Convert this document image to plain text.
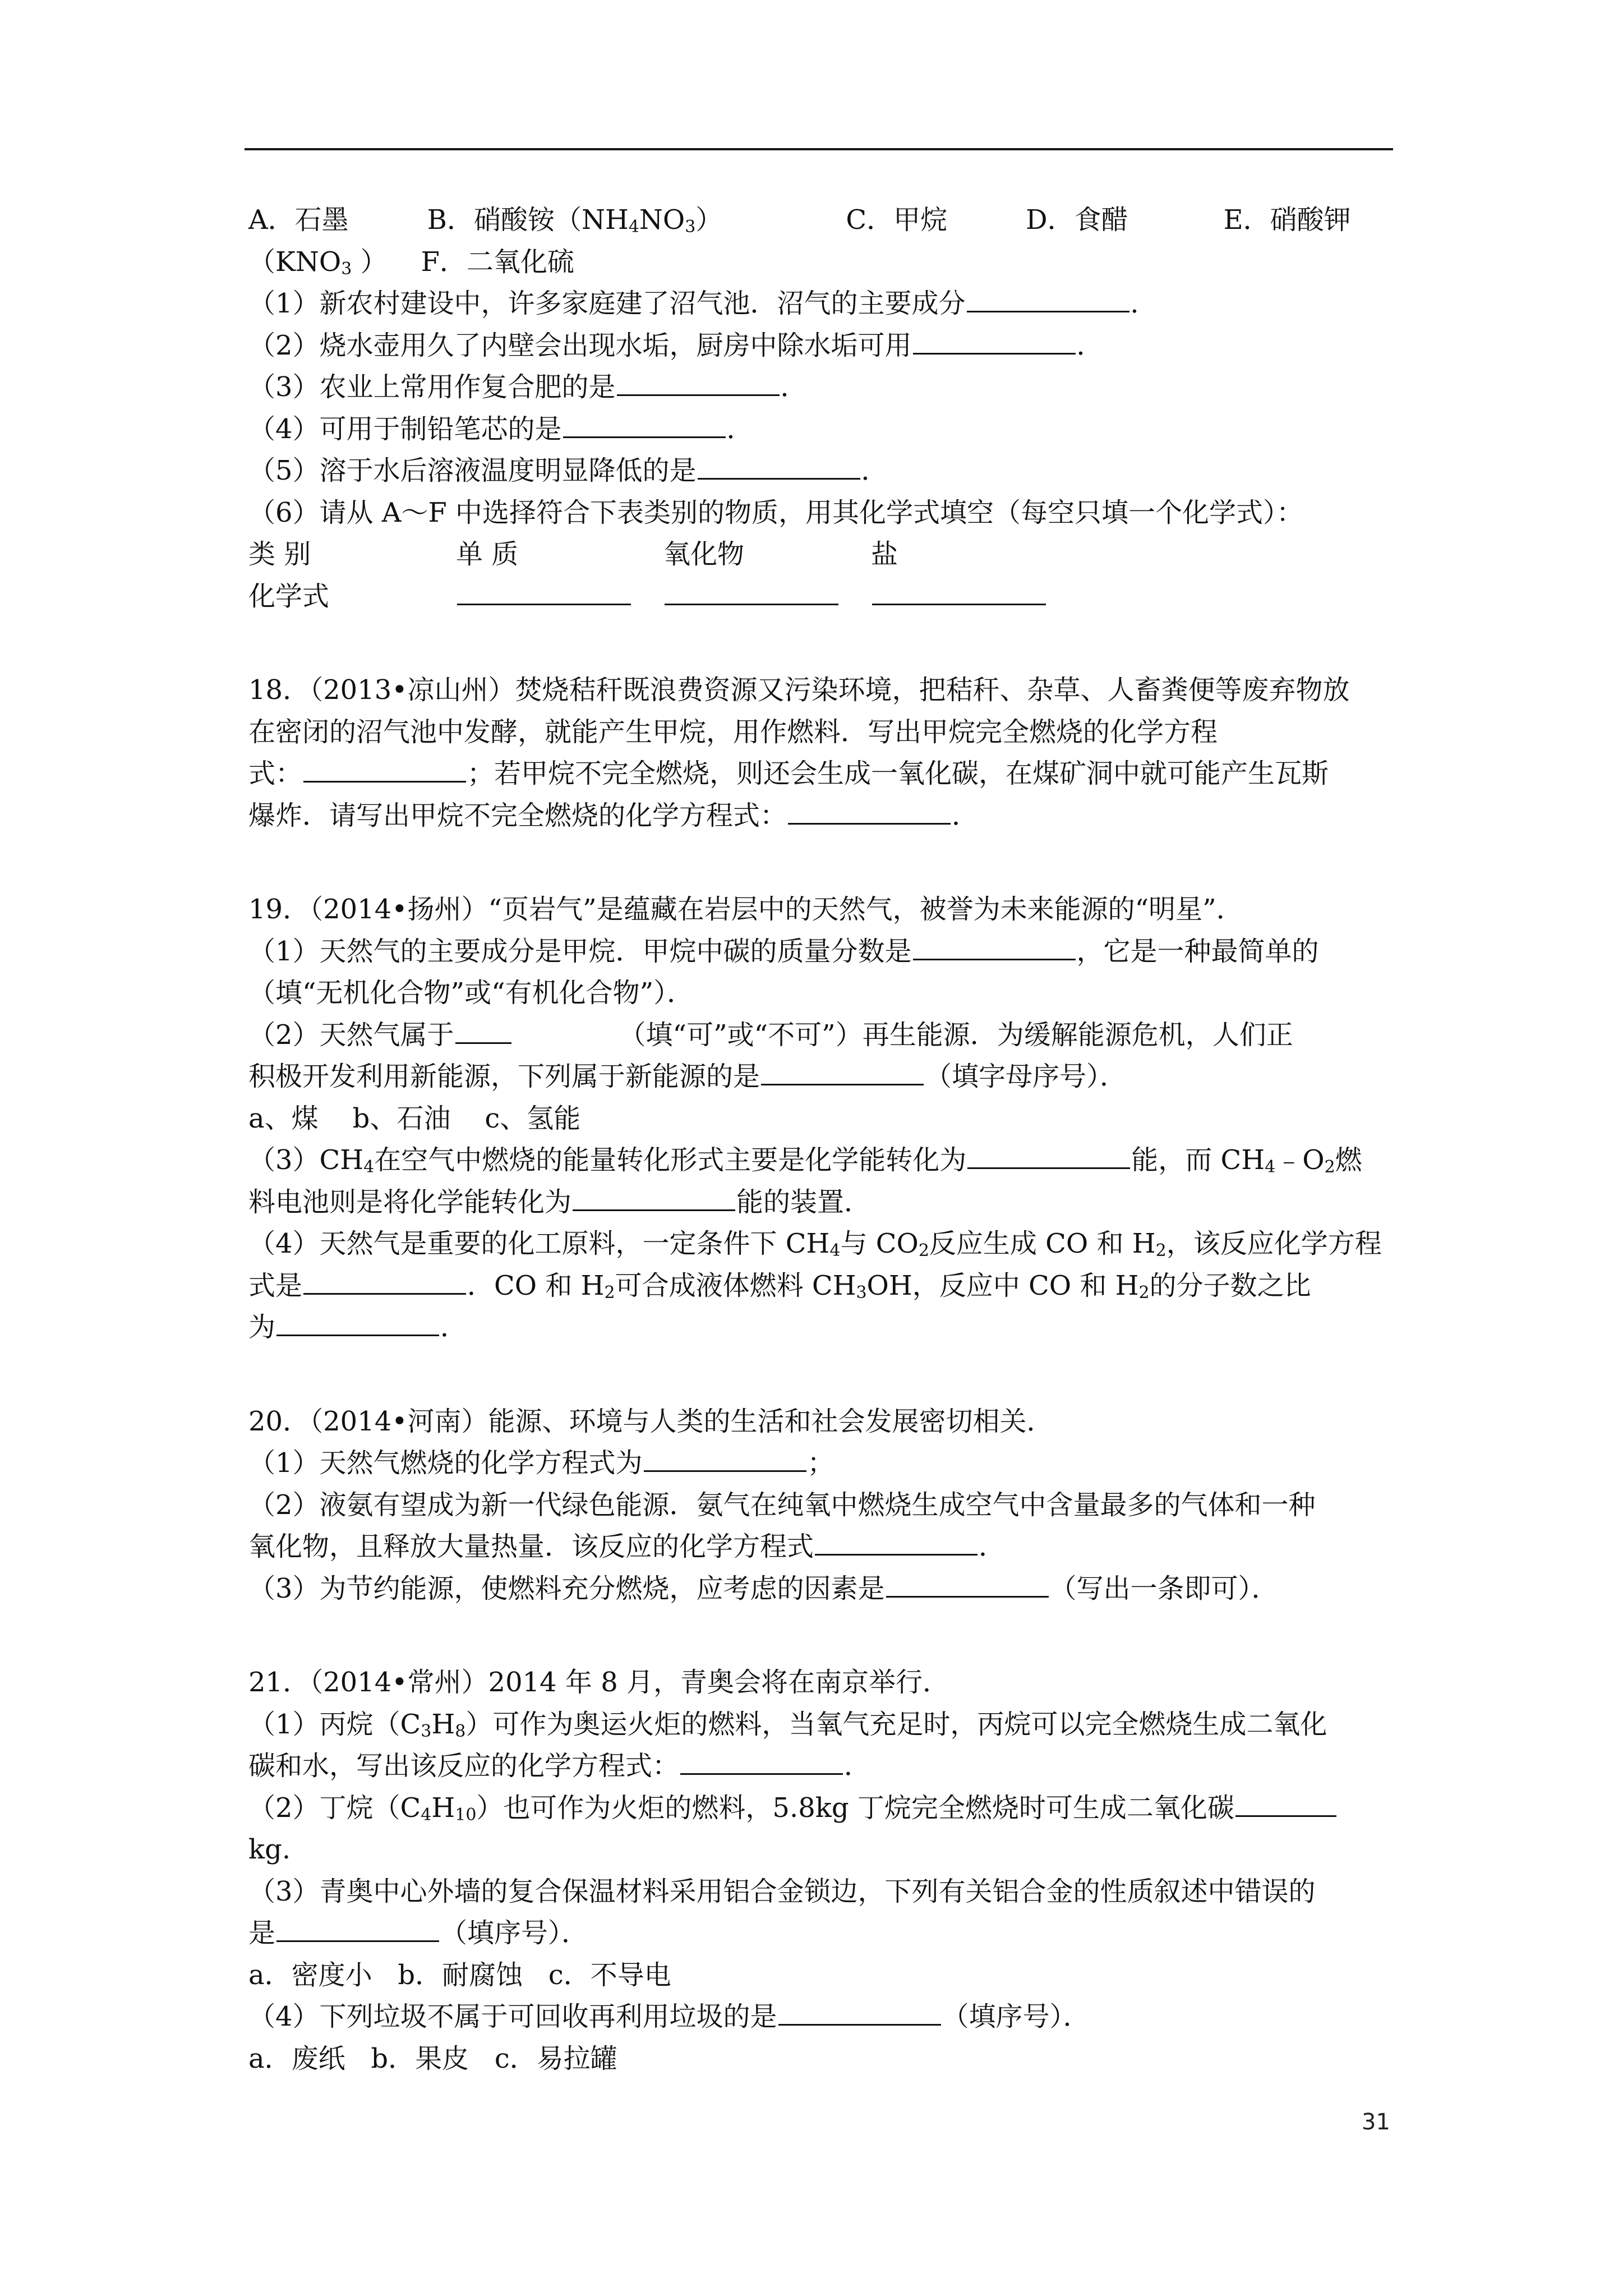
A．石墨	B．硝酸铵$(NH_4NO_3)$	C．甲烷	D．食醋	E．硝酸钾
（$KNO_3$ ） F．二氧化硫
（1）新农村建设中，许多家庭建了沼气池．沼气的主要成分	．
（2）烧水壶用久了内壁会出现水垢，厨房中除水垢可用	．
（3）农业上常用作复合肥的是	．
（4）可用于制铅笔芯的是	．
（5）溶于水后溶液温度明显降低的是	．
（6）请从 A～F 中选择符合下表类别的物质，用其化学式填空（每空只填一个化学式）：
类 别	单 质	氧化物	盐
化学式
18．（2013•凉山州）焚烧秸秆既浪费资源又污染环境，把秸秆、杂草、人畜粪便等废弃物放
在密闭的沼气池中发酵，就能产生甲烷，用作燃料．写出甲烷完全燃烧的化学方程
式：	；若甲烷不完全燃烧，则还会生成一氧化碳，在煤矿洞中就可能产生瓦斯
爆炸．请写出甲烷不完全燃烧的化学方程式：	．
19．（2014•扬州）“页岩气”是蕴藏在岩层中的天然气，被誉为未来能源的“明星”．
（1）天然气的主要成分是甲烷．甲烷中碳的质量分数是	，它是一种最简单的
（填“无机化合物”或“有机化合物”）．
（2）天然气属于	（填“可”或“不可”）再生能源．为缓解能源危机，人们正
积极开发利用新能源，下列属于新能源的是	（填字母序号）．
a、煤    b、石油    c、氢能
$(3)CH_4$在空气中燃烧的能量转化形式主要是化学能转化为	能，而 $CH_4﹣O_2$燃
料电池则是将化学能转化为	能的装置．
（4）天然气是重要的化工原料，一定条件下 $CH_4$与 $CO_2$反应生成 CO 和 $H_2$，该反应化学方程
式是	．CO 和 $H_2$可合成液体燃料 $CH_3OH$，反应中 CO 和 $H_2$的分子数之比
为	．
20．（2014•河南）能源、环境与人类的生活和社会发展密切相关．
（1）天然气燃烧的化学方程式为	；
（2）液氨有望成为新一代绿色能源．氨气在纯氧中燃烧生成空气中含量最多的气体和一种
氧化物，且释放大量热量．该反应的化学方程式	．
（3）为节约能源，使燃料充分燃烧，应考虑的因素是	（写出一条即可）．
21．（2014•常州）2014 年 8 月，青奥会将在南京举行．
（1）丙烷$(C_3H_8)$可作为奥运火炬的燃料，当氧气充足时，丙烷可以完全燃烧生成二氧化
碳和水，写出该反应的化学方程式：	．
（2）丁烷$(C_4H_{10})$也可作为火炬的燃料，5.8kg 丁烷完全燃烧时可生成二氧化碳
kg.
（3）青奥中心外墙的复合保温材料采用铝合金锁边，下列有关铝合金的性质叙述中错误的
是	（填序号）．
a．密度小   b．耐腐蚀   c．不导电
（4）下列垃圾不属于可回收再利用垃圾的是	（填序号）．
a．废纸   b．果皮   c．易拉罐
31
